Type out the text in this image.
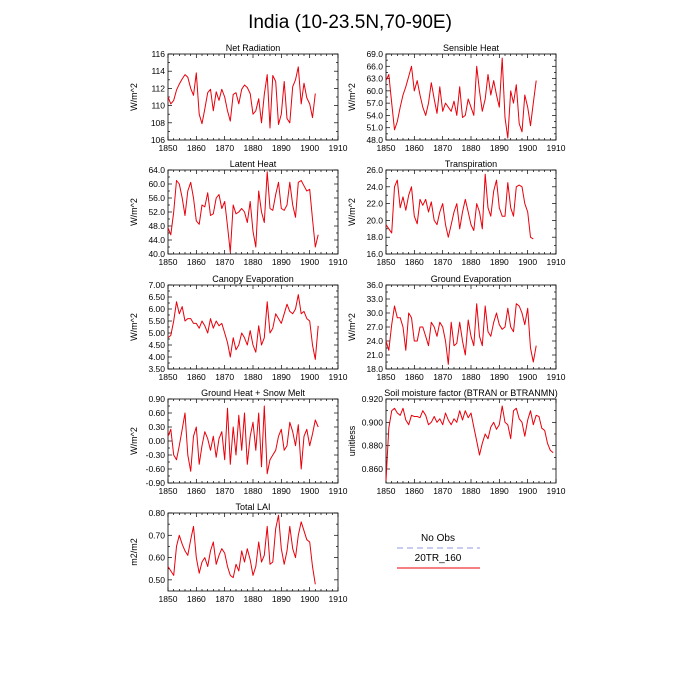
India (10-23.5N,70-90E)
Net Radiation
1850 1860 1870 1880 1890 1900 1910
106
108
110
112
114
116
W/m^2
Sensible Heat
1850 1860 1870 1880 1890 1900 1910
48.0
51.0
54.0
57.0
60.0
63.0
66.0
69.0
W/m^2
Latent Heat
1850 1860 1870 1880 1890 1900 1910
40.0
44.0
48.0
52.0
56.0
60.0
64.0
W/m^2
Transpiration
1850 1860 1870 1880 1890 1900 1910
16.0
18.0
20.0
22.0
24.0
26.0
W/m^2
Canopy Evaporation
1850 1860 1870 1880 1890 1900 1910
3.50
4.00
4.50
5.00
5.50
6.00
6.50
7.00
W/m^2
Ground Evaporation
1850 1860 1870 1880 1890 1900 1910
18.0
21.0
24.0
27.0
30.0
33.0
36.0
W/m^2
Ground Heat + Snow Melt
1850 1860 1870 1880 1890 1900 1910
-0.90
-0.60
-0.30
0.00
0.30
0.60
0.90
W/m^2
Soil moisture factor (BTRAN or BTRANMN)
1850 1860 1870 1880 1890 1900 1910
0.860
0.880
0.900
0.920
unitless
Total LAI
1850 1860 1870 1880 1890 1900 1910
0.50
0.60
0.70
0.80
m2/m2	No Obs
20TR_160
